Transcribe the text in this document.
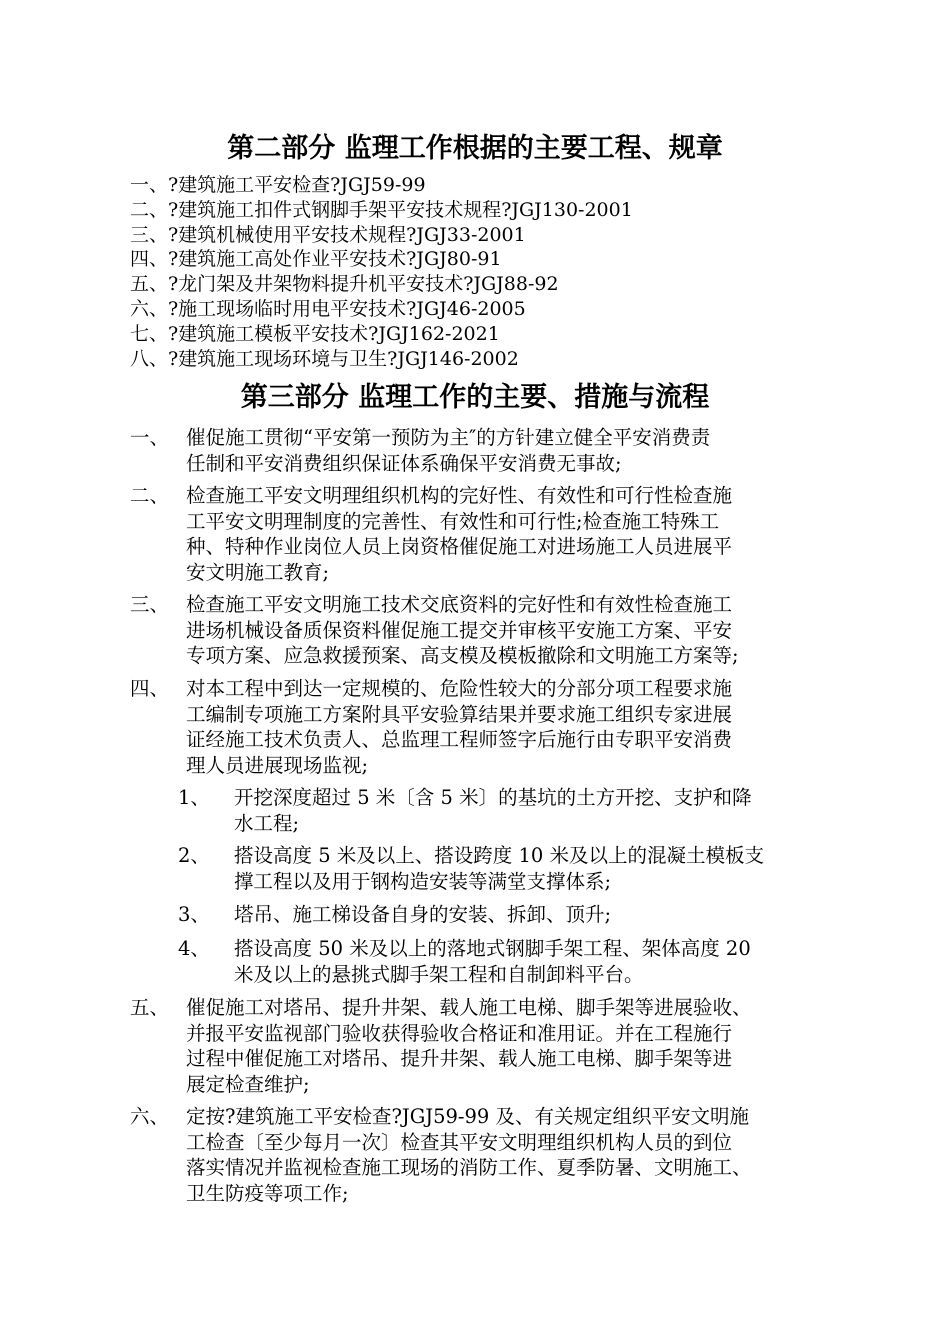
第二部分 监理工作根据的主要工程、规章
一、?建筑施工平安检查?JGJ59-99
二、?建筑施工扣件式钢脚手架平安技术规程?JGJ130-2001
三、?建筑机械使用平安技术规程?JGJ33-2001
四、?建筑施工高处作业平安技术?JGJ80-91
五、?龙门架及井架物料提升机平安技术?JGJ88-92
六、?施工现场临时用电平安技术?JGJ46-2005
七、?建筑施工模板平安技术?JGJ162-2021
八、?建筑施工现场环境与卫生?JGJ146-2002
第三部分 监理工作的主要、措施与流程
一、 催促施工贯彻“平安第一预防为主″的方针建立健全平安消费责
任制和平安消费组织保证体系确保平安消费无事故;
二、 检查施工平安文明理组织机构的完好性、有效性和可行性检查施
工平安文明理制度的完善性、有效性和可行性;检查施工特殊工
种、特种作业岗位人员上岗资格催促施工对进场施工人员进展平
安文明施工教育;
三、 检查施工平安文明施工技术交底资料的完好性和有效性检查施工
进场机械设备质保资料催促施工提交并审核平安施工方案、平安
专项方案、应急救援预案、高支模及模板撤除和文明施工方案等;
四、 对本工程中到达一定规模的、危险性较大的分部分项工程要求施
工编制专项施工方案附具平安验算结果并要求施工组织专家进展
证经施工技术负责人、总监理工程师签字后施行由专职平安消费
理人员进展现场监视;
1、 开挖深度超过 5 米〔含 5 米〕的基坑的土方开挖、支护和降
水工程;
2、 搭设高度 5 米及以上、搭设跨度 10 米及以上的混凝土模板支
撑工程以及用于钢构造安装等满堂支撑体系;
3、 塔吊、施工梯设备自身的安装、拆卸、顶升;
4、 搭设高度 50 米及以上的落地式钢脚手架工程、架体高度 20
米及以上的悬挑式脚手架工程和自制卸料平台。
五、 催促施工对塔吊、提升井架、载人施工电梯、脚手架等进展验收、
并报平安监视部门验收获得验收合格证和准用证。并在工程施行
过程中催促施工对塔吊、提升井架、载人施工电梯、脚手架等进
展定检查维护;
六、 定按?建筑施工平安检查?JGJ59-99 及、有关规定组织平安文明施
工检查〔至少每月一次〕检查其平安文明理组织机构人员的到位
落实情况并监视检查施工现场的消防工作、夏季防暑、文明施工、
卫生防疫等项工作;
